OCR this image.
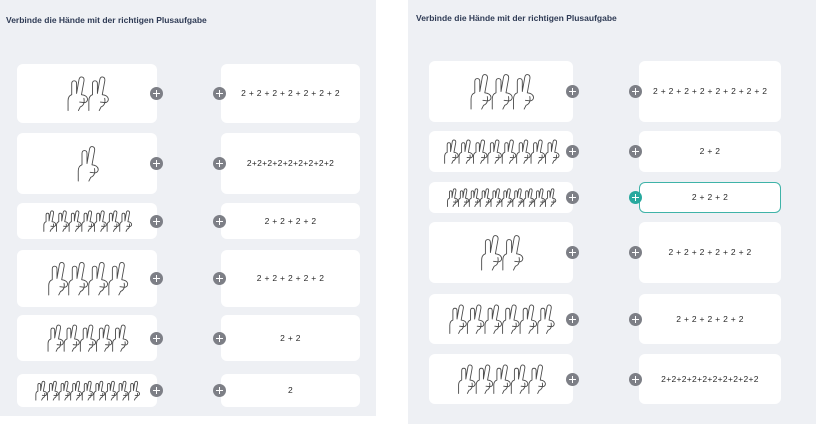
Verbinde die Hände mit der richtigen Plusaufgabe
2 + 2 + 2 + 2 + 2 + 2 + 2
2+2+2+2+2+2+2+2+2
2 + 2 + 2 + 2
2 + 2 + 2 + 2 + 2
2 + 2
2
Verbinde die Hände mit der richtigen Plusaufgabe
2 + 2 + 2 + 2 + 2 + 2 + 2 + 2
2 + 2
2 + 2 + 2
2 + 2 + 2 + 2 + 2 + 2
2 + 2 + 2 + 2 + 2
2+2+2+2+2+2+2+2+2+2
